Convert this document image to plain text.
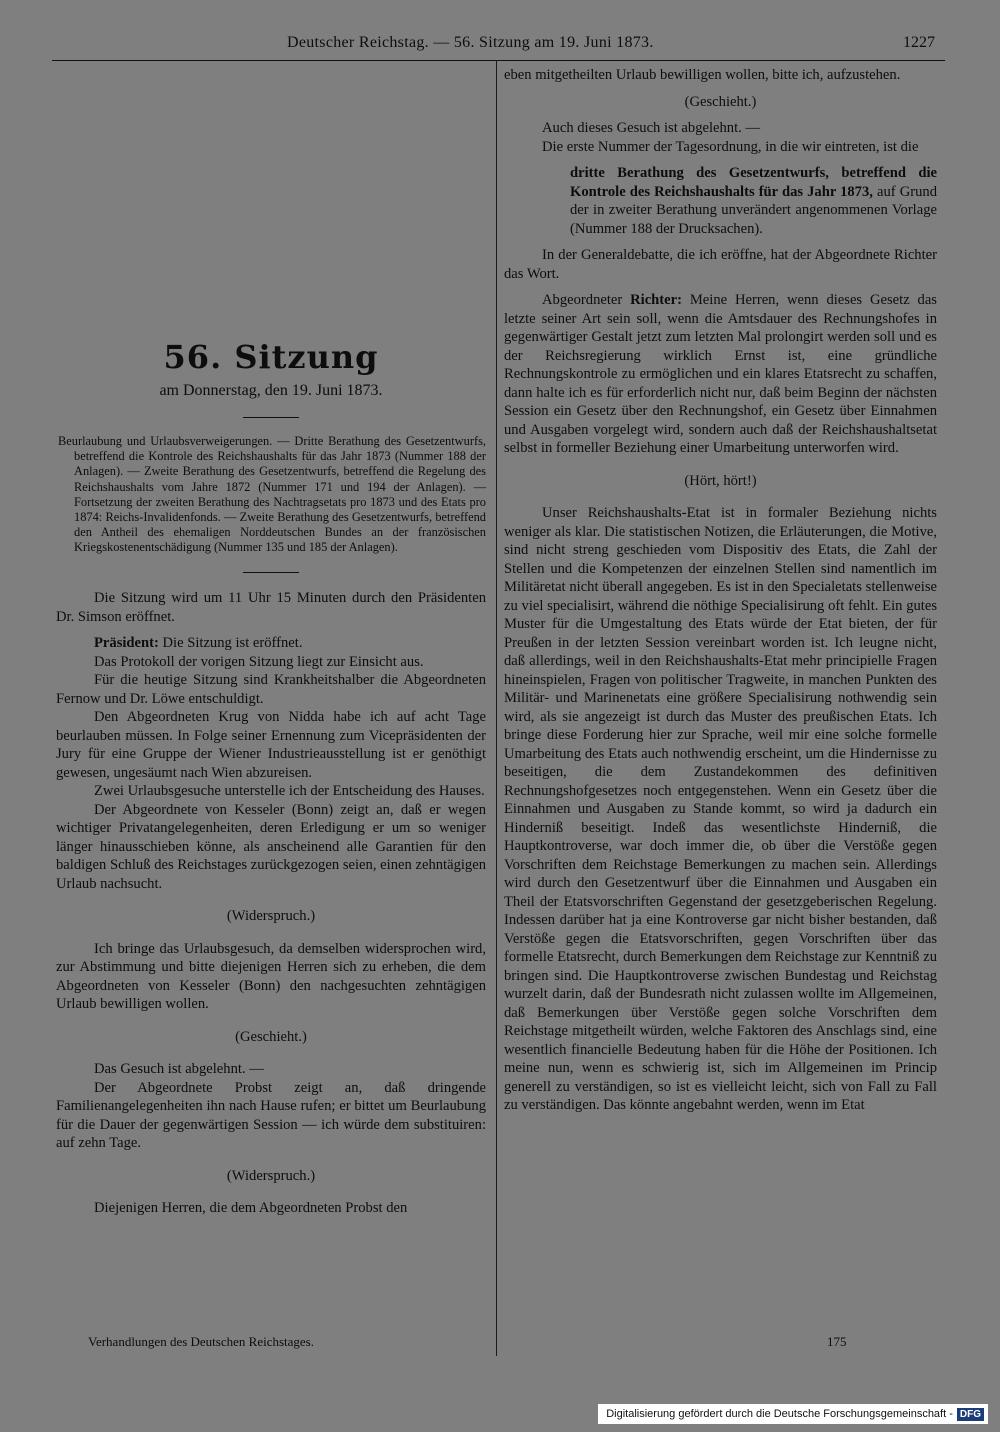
Deutscher Reichstag. — 56. Sitzung am 19. Juni 1873.	1227

56. Sitzung

am Donnerstag, den 19. Juni 1873.

Beurlaubung und Urlaubsverweigerungen. — Dritte Berathung des Gesetzentwurfs, betreffend die Kontrole des Reichshaushalts für das Jahr 1873 (Nummer 188 der Anlagen). — Zweite Berathung des Gesetzentwurfs, betreffend die Regelung des Reichshaushalts vom Jahre 1872 (Nummer 171 und 194 der Anlagen). — Fortsetzung der zweiten Berathung des Nachtragsetats pro 1873 und des Etats pro 1874: Reichs-Invalidenfonds. — Zweite Berathung des Gesetzentwurfs, betreffend den Antheil des ehemaligen Norddeutschen Bundes an der französischen Kriegskostenentschädigung (Nummer 135 und 185 der Anlagen).

Die Sitzung wird um 11 Uhr 15 Minuten durch den Präsidenten Dr. Simson eröffnet.

Präsident: Die Sitzung ist eröffnet.

Das Protokoll der vorigen Sitzung liegt zur Einsicht aus.

Für die heutige Sitzung sind Krankheitshalber die Abgeordneten Fernow und Dr. Löwe entschuldigt.

Den Abgeordneten Krug von Nidda habe ich auf acht Tage beurlauben müssen. In Folge seiner Ernennung zum Vicepräsidenten der Jury für eine Gruppe der Wiener Industrieausstellung ist er genöthigt gewesen, ungesäumt nach Wien abzureisen.

Zwei Urlaubsgesuche unterstelle ich der Entscheidung des Hauses.

Der Abgeordnete von Kesseler (Bonn) zeigt an, daß er wegen wichtiger Privatangelegenheiten, deren Erledigung er um so weniger länger hinausschieben könne, als anscheinend alle Garantien für den baldigen Schluß des Reichstages zurückgezogen seien, einen zehntägigen Urlaub nachsucht.

(Widerspruch.)

Ich bringe das Urlaubsgesuch, da demselben widersprochen wird, zur Abstimmung und bitte diejenigen Herren sich zu erheben, die dem Abgeordneten von Kesseler (Bonn) den nachgesuchten zehntägigen Urlaub bewilligen wollen.

(Geschieht.)

Das Gesuch ist abgelehnt. —

Der Abgeordnete Probst zeigt an, daß dringende Familienangelegenheiten ihn nach Hause rufen; er bittet um Beurlaubung für die Dauer der gegenwärtigen Session — ich würde dem substituiren: auf zehn Tage.

(Widerspruch.)

Diejenigen Herren, die dem Abgeordneten Probst den

eben mitgetheilten Urlaub bewilligen wollen, bitte ich, aufzustehen.

(Geschieht.)

Auch dieses Gesuch ist abgelehnt. —

Die erste Nummer der Tagesordnung, in die wir eintreten, ist die

dritte Berathung des Gesetzentwurfs, betreffend die Kontrole des Reichshaushalts für das Jahr 1873, auf Grund der in zweiter Berathung unverändert angenommenen Vorlage (Nummer 188 der Drucksachen).

In der Generaldebatte, die ich eröffne, hat der Abgeordnete Richter das Wort.

Abgeordneter Richter: Meine Herren, wenn dieses Gesetz das letzte seiner Art sein soll, wenn die Amtsdauer des Rechnungshofes in gegenwärtiger Gestalt jetzt zum letzten Mal prolongirt werden soll und es der Reichsregierung wirklich Ernst ist, eine gründliche Rechnungskontrole zu ermöglichen und ein klares Etatsrecht zu schaffen, dann halte ich es für erforderlich nicht nur, daß beim Beginn der nächsten Session ein Gesetz über den Rechnungshof, ein Gesetz über Einnahmen und Ausgaben vorgelegt wird, sondern auch daß der Reichshaushaltsetat selbst in formeller Beziehung einer Umarbeitung unterworfen wird.

(Hört, hört!)

Unser Reichshaushalts-Etat ist in formaler Beziehung nichts weniger als klar. Die statistischen Notizen, die Erläuterungen, die Motive, sind nicht streng geschieden vom Dispositiv des Etats, die Zahl der Stellen und die Kompetenzen der einzelnen Stellen sind namentlich im Militäretat nicht überall angegeben. Es ist in den Specialetats stellenweise zu viel specialisirt, während die nöthige Specialisirung oft fehlt. Ein gutes Muster für die Umgestaltung des Etats würde der Etat bieten, der für Preußen in der letzten Session vereinbart worden ist. Ich leugne nicht, daß allerdings, weil in den Reichshaushalts-Etat mehr principielle Fragen hineinspielen, Fragen von politischer Tragweite, in manchen Punkten des Militär- und Marinenetats eine größere Specialisirung nothwendig sein wird, als sie angezeigt ist durch das Muster des preußischen Etats. Ich bringe diese Forderung hier zur Sprache, weil mir eine solche formelle Umarbeitung des Etats auch nothwendig erscheint, um die Hindernisse zu beseitigen, die dem Zustandekommen des definitiven Rechnungshofgesetzes noch entgegenstehen. Wenn ein Gesetz über die Einnahmen und Ausgaben zu Stande kommt, so wird ja dadurch ein Hinderniß beseitigt. Indeß das wesentlichste Hinderniß, die Hauptkontroverse, war doch immer die, ob über die Verstöße gegen Vorschriften dem Reichstage Bemerkungen zu machen sein. Allerdings wird durch den Gesetzentwurf über die Einnahmen und Ausgaben ein Theil der Etatsvorschriften Gegenstand der gesetzgeberischen Regelung. Indessen darüber hat ja eine Kontroverse gar nicht bisher bestanden, daß Verstöße gegen die Etatsvorschriften, gegen Vorschriften über das formelle Etatsrecht, durch Bemerkungen dem Reichstage zur Kenntniß zu bringen sind. Die Hauptkontroverse zwischen Bundestag und Reichstag wurzelt darin, daß der Bundesrath nicht zulassen wollte im Allgemeinen, daß Bemerkungen über Verstöße gegen solche Vorschriften dem Reichstage mitgetheilt würden, welche Faktoren des Anschlags sind, eine wesentlich financielle Bedeutung haben für die Höhe der Positionen. Ich meine nun, wenn es schwierig ist, sich im Allgemeinen im Princip generell zu verständigen, so ist es vielleicht leicht, sich von Fall zu Fall zu verständigen. Das könnte angebahnt werden, wenn im Etat

Verhandlungen des Deutschen Reichstages.	175
Digitalisierung gefördert durch die Deutsche Forschungsgemeinschaft - DFG
